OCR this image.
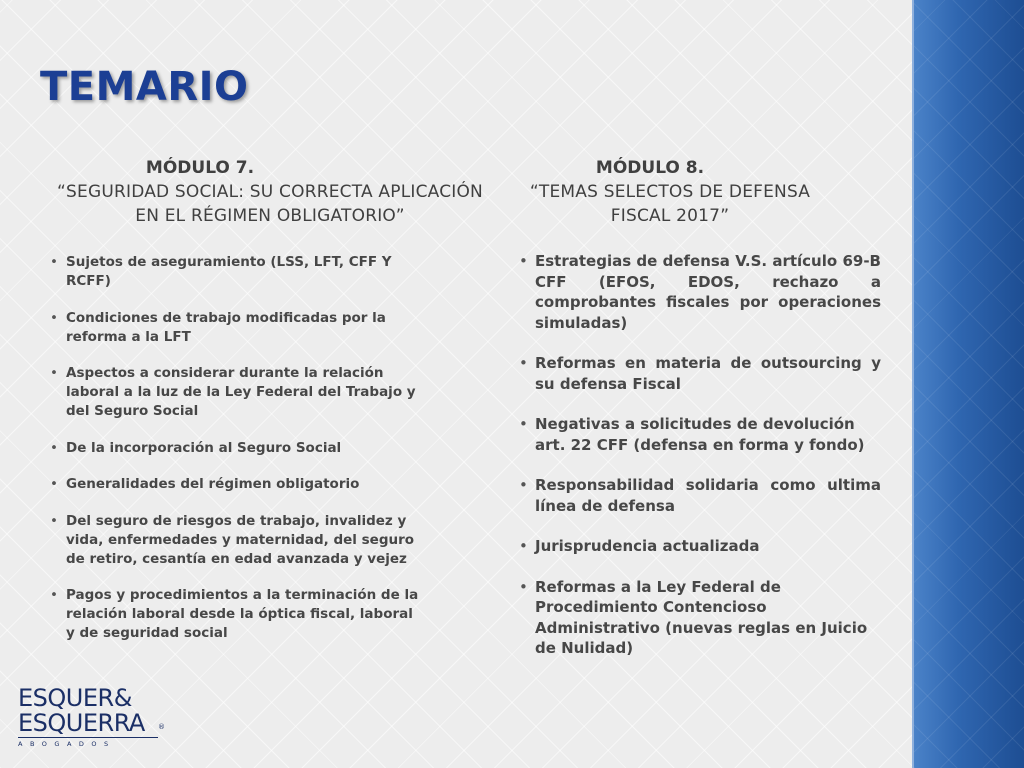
TEMARIO
MÓDULO 7.
“SEGURIDAD SOCIAL: SU CORRECTA APLICACIÓN EN EL RÉGIMEN OBLIGATORIO”
• Sujetos de aseguramiento (LSS, LFT, CFF Y RCFF)
• Condiciones de trabajo modificadas por la reforma a la LFT
• Aspectos a considerar durante la relación laboral a la luz de la Ley Federal del Trabajo y del Seguro Social
• De la incorporación al Seguro Social
• Generalidades del régimen obligatorio
• Del seguro de riesgos de trabajo, invalidez y vida, enfermedades y maternidad, del seguro de retiro, cesantía en edad avanzada y vejez
• Pagos y procedimientos a la terminación de la relación laboral desde la óptica fiscal, laboral y de seguridad social
MÓDULO 8.
“TEMAS SELECTOS DE DEFENSA FISCAL 2017”
• Estrategias de defensa V.S. artículo 69-B CFF (EFOS, EDOS, rechazo a comprobantes fiscales por operaciones simuladas)
• Reformas en materia de outsourcing y su defensa Fiscal
• Negativas a solicitudes de devolución art. 22 CFF (defensa en forma y fondo)
• Responsabilidad solidaria como ultima línea de defensa
• Jurisprudencia actualizada
• Reformas a la Ley Federal de Procedimiento Contencioso Administrativo (nuevas reglas en Juicio de Nulidad)
ESQUER&
ESQUERRA	®
ABOGADOS
